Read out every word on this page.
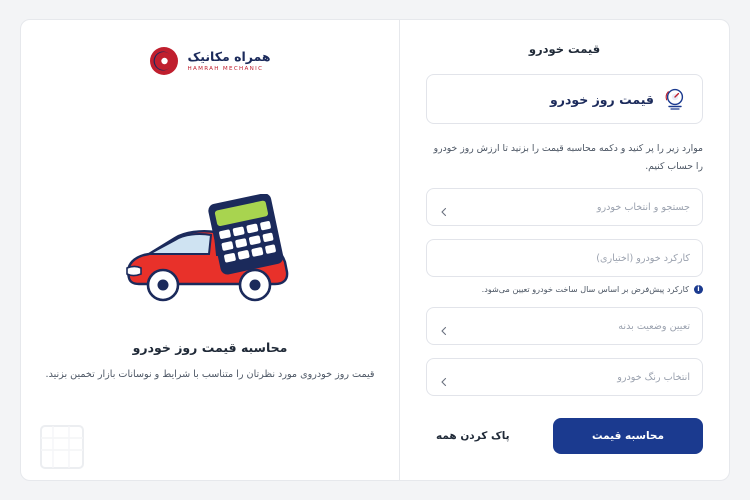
قیمت خودرو
قیمت روز خودرو
موارد زیر را پر کنید و دکمه محاسبه قیمت را بزنید تا ارزش روز خودرو را حساب کنیم.
جستجو و انتخاب خودرو
کارکرد خودرو (اختیاری)
i
کارکرد پیش‌فرض بر اساس سال ساخت خودرو تعیین می‌شود.
تعیین وضعیت بدنه
انتخاب رنگ خودرو
محاسبه قیمت
پاک کردن همه
همراه مکانیک
HAMRAH MECHANIC
محاسبه قیمت روز خودرو
قیمت روز خودروی مورد نظرتان را متناسب با شرایط و نوسانات بازار تخمین بزنید.
